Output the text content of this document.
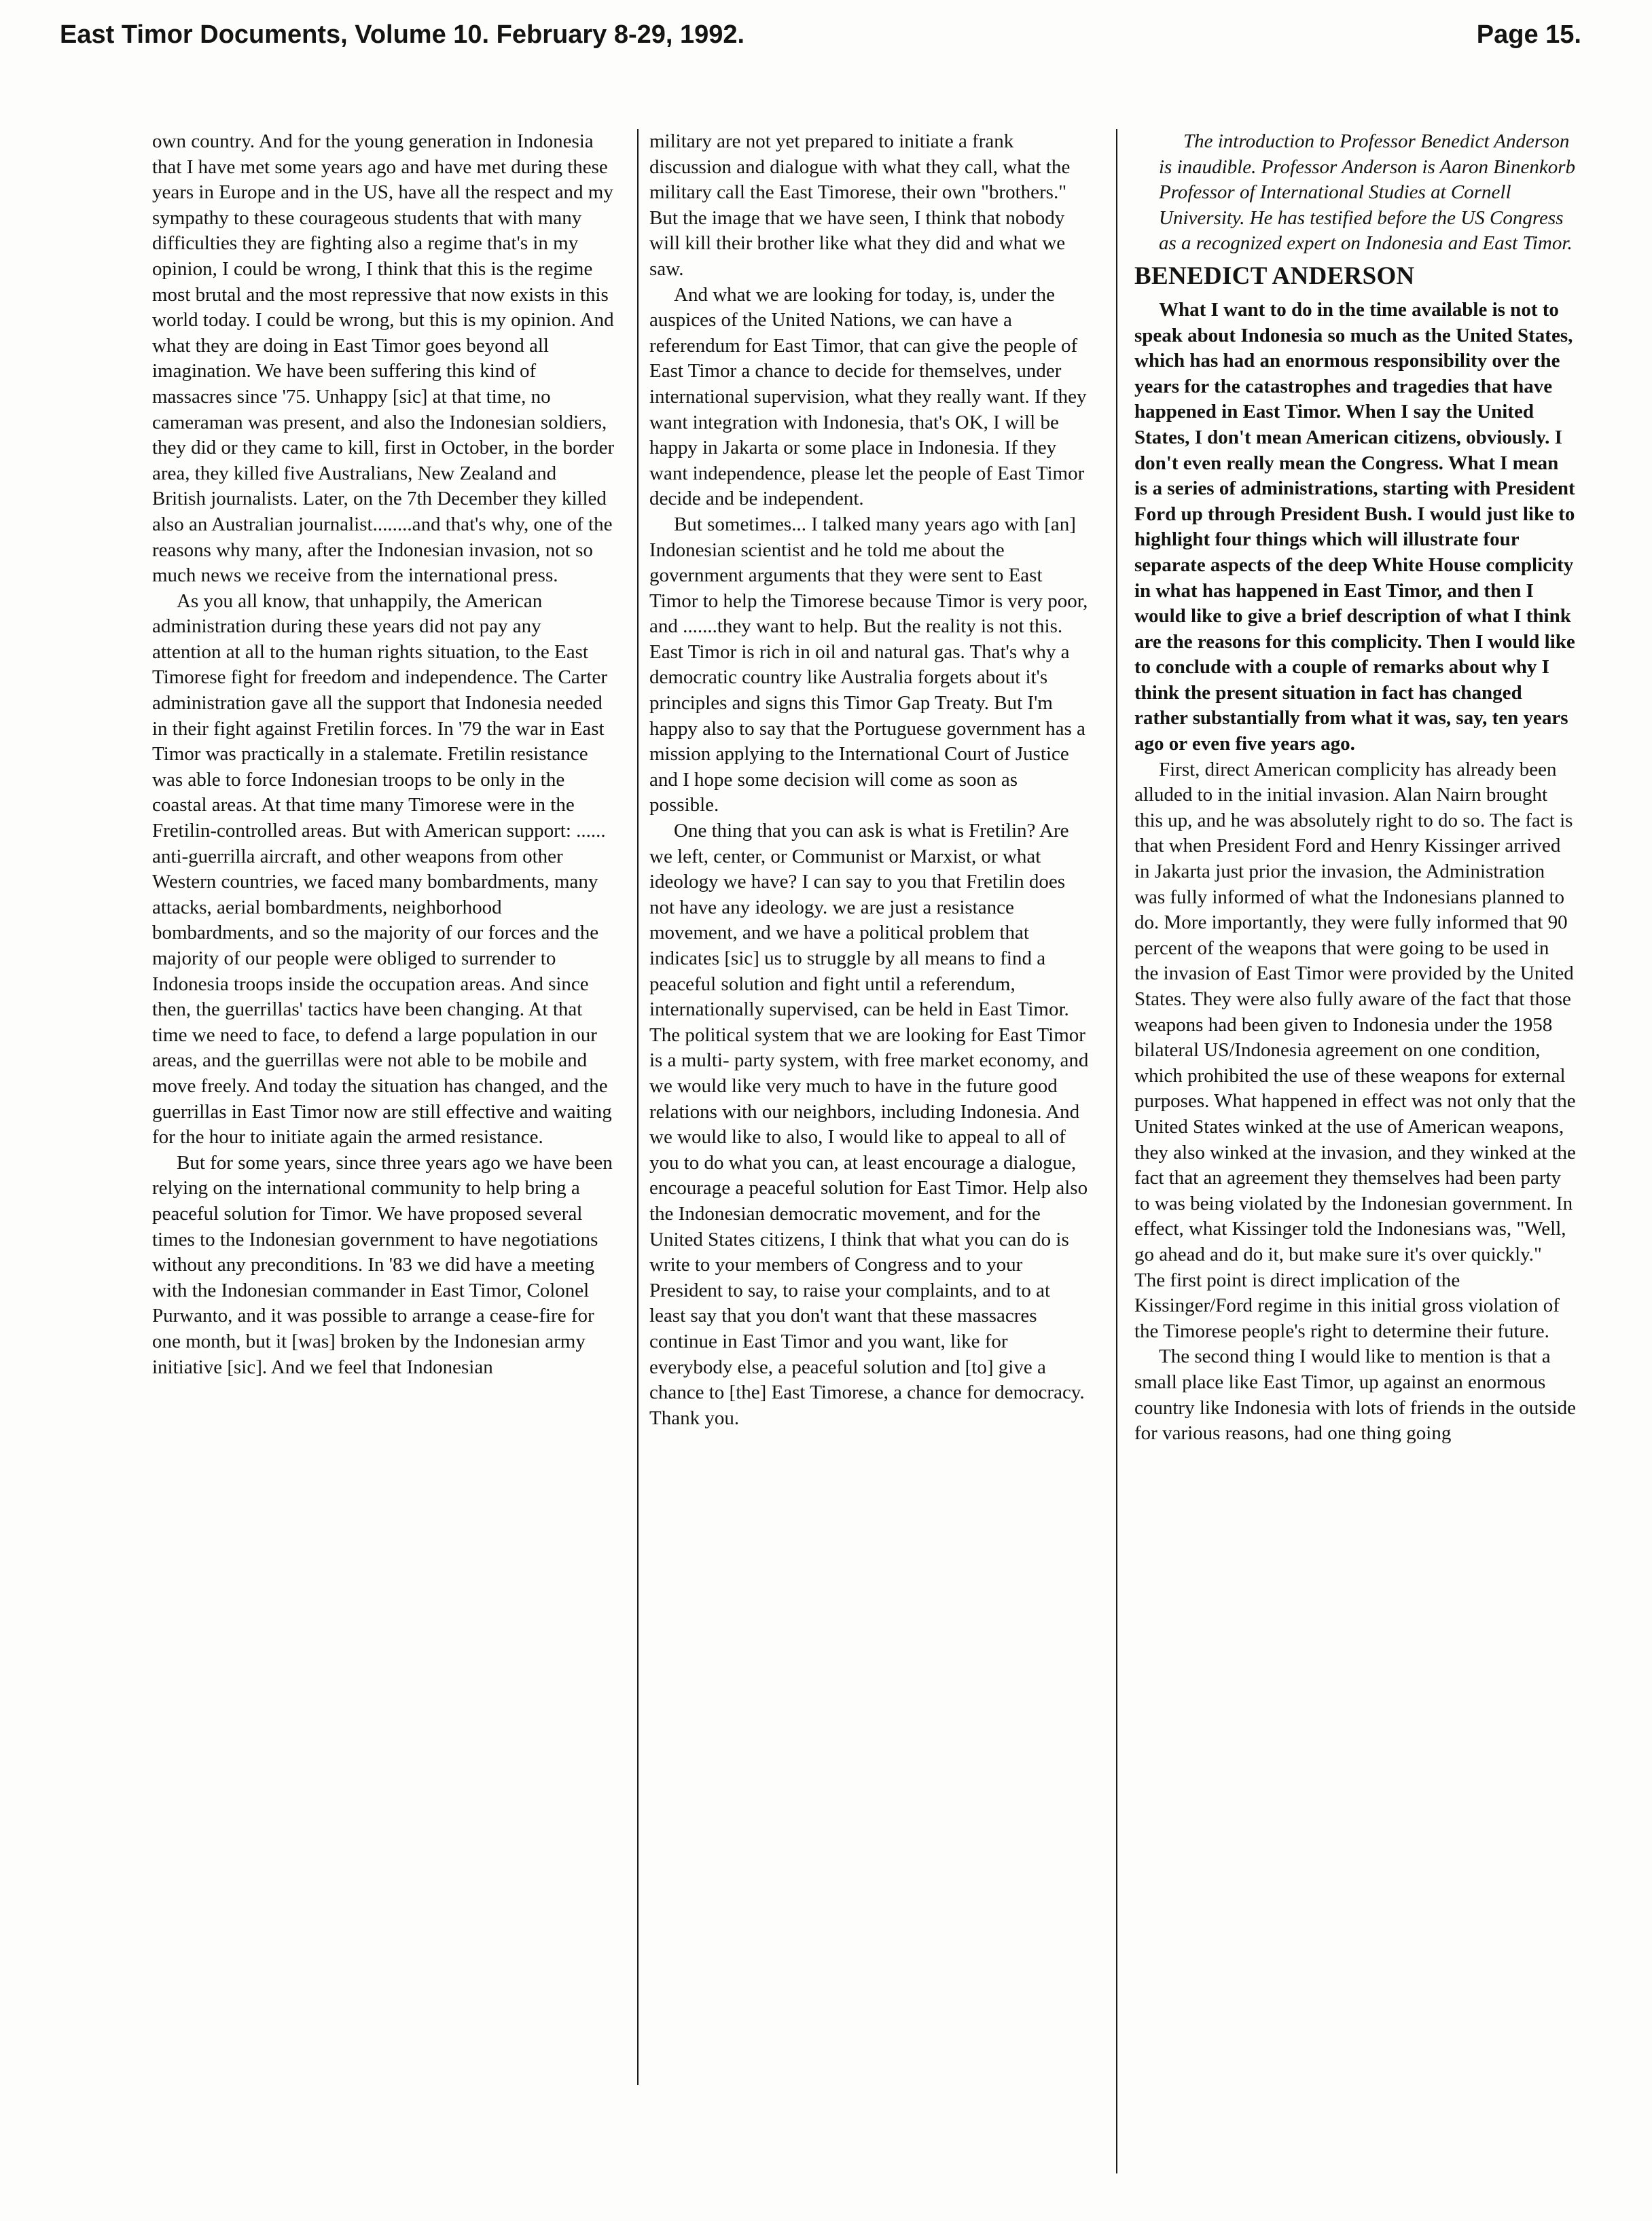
East Timor Documents, Volume 10. February 8-29, 1992.	Page 15.

own country. And for the young generation in Indonesia that I have met some years ago and have met during these years in Europe and in the US, have all the respect and my sympathy to these courageous students that with many difficulties they are fighting also a regime that's in my opinion, I could be wrong, I think that this is the regime most brutal and the most repressive that now exists in this world today. I could be wrong, but this is my opinion. And what they are doing in East Timor goes beyond all imagination. We have been suffering this kind of massacres since '75. Unhappy [sic] at that time, no cameraman was present, and also the Indonesian soldiers, they did or they came to kill, first in October, in the border area, they killed five Australians, New Zealand and British journalists. Later, on the 7th December they killed also an Australian journalist........and that's why, one of the reasons why many, after the Indonesian invasion, not so much news we receive from the international press.

As you all know, that unhappily, the American administration during these years did not pay any attention at all to the human rights situation, to the East Timorese fight for freedom and independence. The Carter administration gave all the support that Indonesia needed in their fight against Fretilin forces. In '79 the war in East Timor was practically in a stalemate. Fretilin resistance was able to force Indonesian troops to be only in the coastal areas. At that time many Timorese were in the Fretilin-controlled areas. But with American support: ...... anti-guerrilla aircraft, and other weapons from other Western countries, we faced many bombardments, many attacks, aerial bombardments, neighborhood bombardments, and so the majority of our forces and the majority of our people were obliged to surrender to Indonesia troops inside the occupation areas. And since then, the guerrillas' tactics have been changing. At that time we need to face, to defend a large population in our areas, and the guerrillas were not able to be mobile and move freely. And today the situation has changed, and the guerrillas in East Timor now are still effective and waiting for the hour to initiate again the armed resistance.

But for some years, since three years ago we have been relying on the international community to help bring a peaceful solution for Timor. We have proposed several times to the Indonesian government to have negotiations without any preconditions. In '83 we did have a meeting with the Indonesian commander in East Timor, Colonel Purwanto, and it was possible to arrange a cease-fire for one month, but it [was] broken by the Indonesian army initiative [sic]. And we feel that Indonesian

military are not yet prepared to initiate a frank discussion and dialogue with what they call, what the military call the East Timorese, their own "brothers." But the image that we have seen, I think that nobody will kill their brother like what they did and what we saw.

And what we are looking for today, is, under the auspices of the United Nations, we can have a referendum for East Timor, that can give the people of East Timor a chance to decide for themselves, under international supervision, what they really want. If they want integration with Indonesia, that's OK, I will be happy in Jakarta or some place in Indonesia. If they want independence, please let the people of East Timor decide and be independent.

But sometimes... I talked many years ago with [an] Indonesian scientist and he told me about the government arguments that they were sent to East Timor to help the Timorese because Timor is very poor, and .......they want to help. But the reality is not this. East Timor is rich in oil and natural gas. That's why a democratic country like Australia forgets about it's principles and signs this Timor Gap Treaty. But I'm happy also to say that the Portuguese government has a mission applying to the International Court of Justice and I hope some decision will come as soon as possible.

One thing that you can ask is what is Fretilin? Are we left, center, or Communist or Marxist, or what ideology we have? I can say to you that Fretilin does not have any ideology. we are just a resistance movement, and we have a political problem that indicates [sic] us to struggle by all means to find a peaceful solution and fight until a referendum, internationally supervised, can be held in East Timor. The political system that we are looking for East Timor is a multi- party system, with free market economy, and we would like very much to have in the future good relations with our neighbors, including Indonesia. And we would like to also, I would like to appeal to all of you to do what you can, at least encourage a dialogue, encourage a peaceful solution for East Timor. Help also the Indonesian democratic movement, and for the United States citizens, I think that what you can do is write to your members of Congress and to your President to say, to raise your complaints, and to at least say that you don't want that these massacres continue in East Timor and you want, like for everybody else, a peaceful solution and [to] give a chance to [the] East Timorese, a chance for democracy. Thank you.

The introduction to Professor Benedict Anderson is inaudible. Professor Anderson is Aaron Binenkorb Professor of International Studies at Cornell University. He has testified before the US Congress as a recognized expert on Indonesia and East Timor.

BENEDICT ANDERSON

What I want to do in the time available is not to speak about Indonesia so much as the United States, which has had an enormous responsibility over the years for the catastrophes and tragedies that have happened in East Timor. When I say the United States, I don't mean American citizens, obviously. I don't even really mean the Congress. What I mean is a series of administrations, starting with President Ford up through President Bush. I would just like to highlight four things which will illustrate four separate aspects of the deep White House complicity in what has happened in East Timor, and then I would like to give a brief description of what I think are the reasons for this complicity. Then I would like to conclude with a couple of remarks about why I think the present situation in fact has changed rather substantially from what it was, say, ten years ago or even five years ago.

First, direct American complicity has already been alluded to in the initial invasion. Alan Nairn brought this up, and he was absolutely right to do so. The fact is that when President Ford and Henry Kissinger arrived in Jakarta just prior the invasion, the Administration was fully informed of what the Indonesians planned to do. More importantly, they were fully informed that 90 percent of the weapons that were going to be used in the invasion of East Timor were provided by the United States. They were also fully aware of the fact that those weapons had been given to Indonesia under the 1958 bilateral US/Indonesia agreement on one condition, which prohibited the use of these weapons for external purposes. What happened in effect was not only that the United States winked at the use of American weapons, they also winked at the invasion, and they winked at the fact that an agreement they themselves had been party to was being violated by the Indonesian government. In effect, what Kissinger told the Indonesians was, "Well, go ahead and do it, but make sure it's over quickly." The first point is direct implication of the Kissinger/Ford regime in this initial gross violation of the Timorese people's right to determine their future.

The second thing I would like to mention is that a small place like East Timor, up against an enormous country like Indonesia with lots of friends in the outside for various reasons, had one thing going
